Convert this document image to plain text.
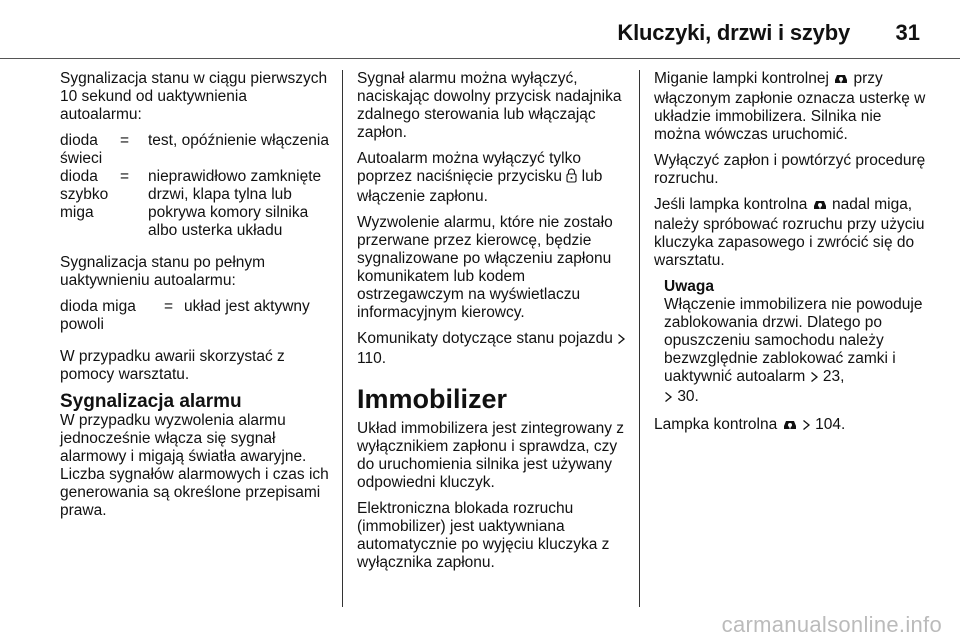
Kluczyki, drzwi i szyby 31

Sygnalizacja stanu w ciągu pierwszych 10 sekund od uaktywnienia autoalarmu:

dioda świeci
=	test, opóźnienie włączenia
dioda szybko miga
=	nieprawidłowo zamknięte drzwi, klapa tylna lub pokrywa komory silnika albo usterka układu

Sygnalizacja stanu po pełnym uaktywnieniu autoalarmu:

dioda miga powoli
= układ jest aktywny

W przypadku awarii skorzystać z pomocy warsztatu.

Sygnalizacja alarmu

W przypadku wyzwolenia alarmu jednocześnie włącza się sygnał alarmowy i migają światła awaryjne. Liczba sygnałów alarmowych i czas ich generowania są określone przepisami prawa.

Sygnał alarmu można wyłączyć, naciskając dowolny przycisk nadajnika zdalnego sterowania lub włączając zapłon.

Autoalarm można wyłączyć tylko poprzez naciśnięcie przycisku lub włączenie zapłonu.

Wyzwolenie alarmu, które nie zostało przerwane przez kierowcę, będzie sygnalizowane po włączeniu zapłonu komunikatem lub kodem ostrzegawczym na wyświetlaczu informacyjnym kierowcy.

Komunikaty dotyczące stanu pojazdu  110.

Immobilizer

Układ immobilizera jest zintegrowany z wyłącznikiem zapłonu i sprawdza, czy do uruchomienia silnika jest używany odpowiedni kluczyk.

Elektroniczna blokada rozruchu (immobilizer) jest uaktywniana automatycznie po wyjęciu kluczyka z wyłącznika zapłonu.

Miganie lampki kontrolnej przy włączonym zapłonie oznacza usterkę w układzie immobilizera. Silnika nie można wówczas uruchomić.

Wyłączyć zapłon i powtórzyć procedurę rozruchu.

Jeśli lampka kontrolna nadal miga, należy spróbować rozruchu przy użyciu kluczyka zapasowego i zwrócić się do warsztatu.

Uwaga
Włączenie immobilizera nie powoduje zablokowania drzwi. Dlatego po opuszczeniu samochodu należy bezwzględnie zablokować zamki i uaktywnić autoalarm 23,
30.

Lampka kontrolna 104.

carmanualsonline.info
